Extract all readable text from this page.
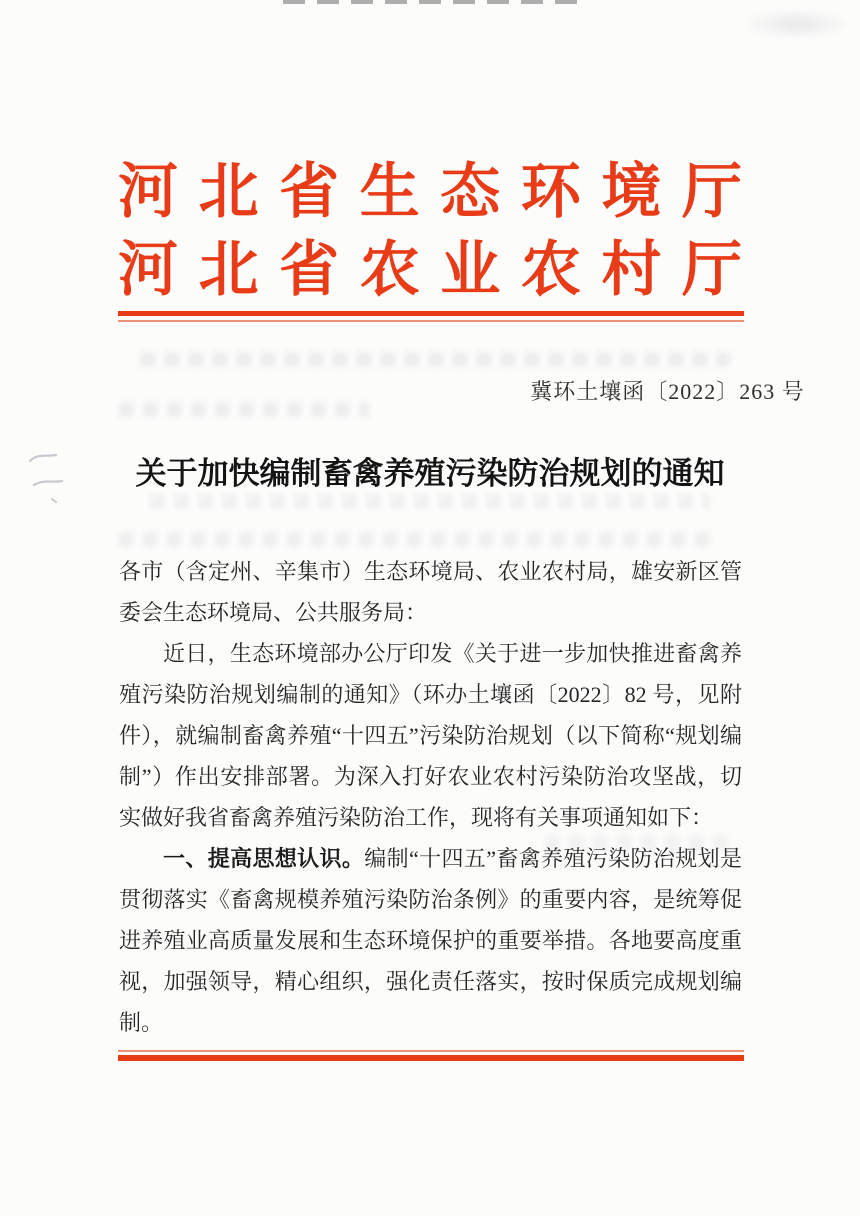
河北省生态环境厅
河北省农业农村厅
冀环土壤函〔2022〕263 号
关于加快编制畜禽养殖污染防治规划的通知

各市（含定州、辛集市）生态环境局、农业农村局，雄安新区管委会生态环境局、公共服务局：

近日，生态环境部办公厅印发《关于进一步加快推进畜禽养殖污染防治规划编制的通知》（环办土壤函〔2022〕82 号，见附件），就编制畜禽养殖“十四五”污染防治规划（以下简称“规划编制”）作出安排部署。为深入打好农业农村污染防治攻坚战，切实做好我省畜禽养殖污染防治工作，现将有关事项通知如下：

一、提高思想认识。编制“十四五”畜禽养殖污染防治规划是贯彻落实《畜禽规模养殖污染防治条例》的重要内容，是统筹促进养殖业高质量发展和生态环境保护的重要举措。各地要高度重视，加强领导，精心组织，强化责任落实，按时保质完成规划编制。
